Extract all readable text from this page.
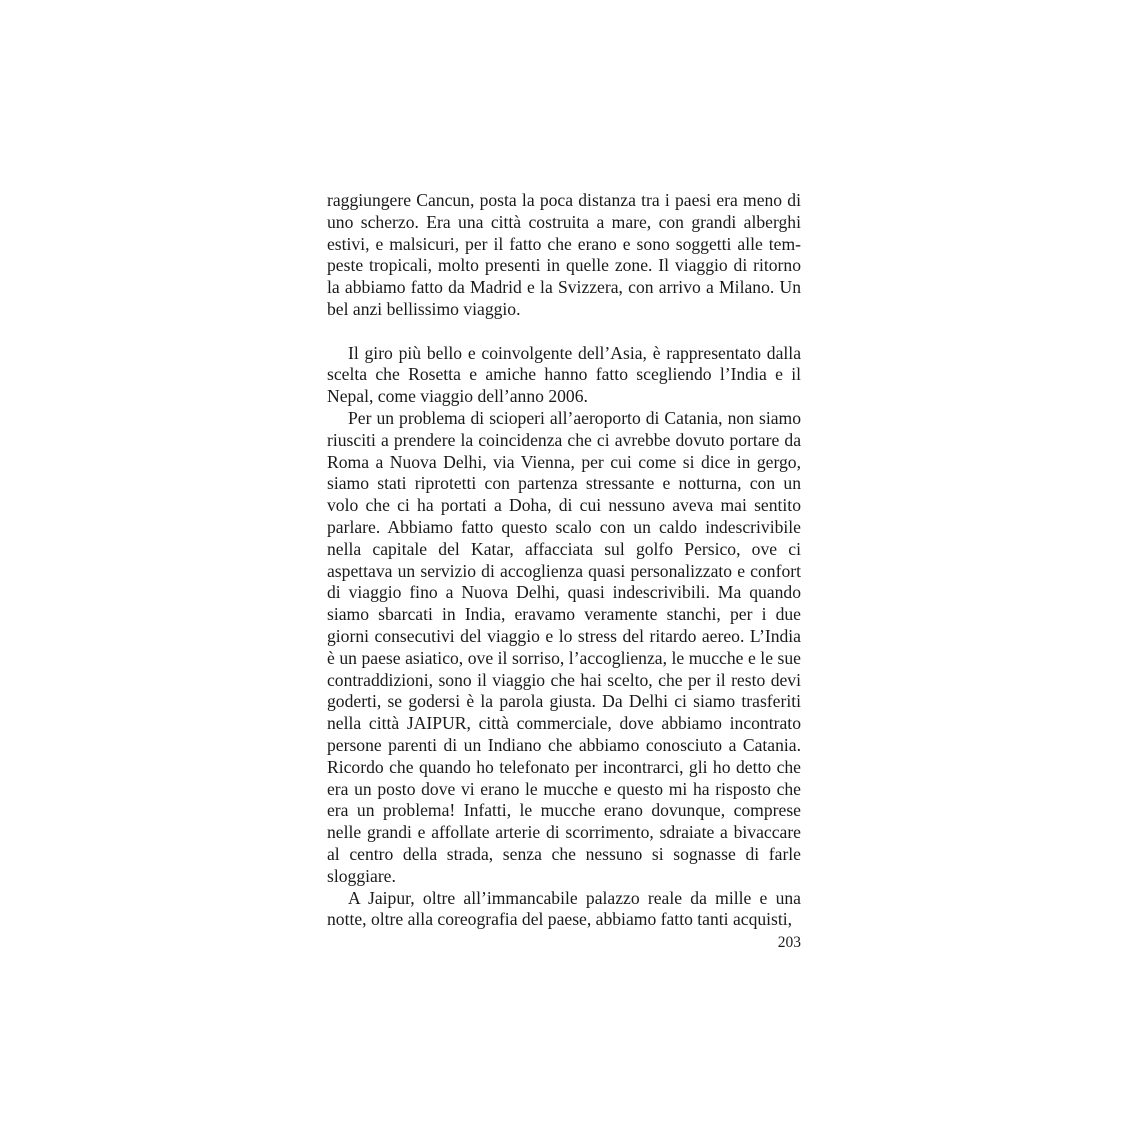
raggiungere Cancun, posta la poca distanza tra i paesi era meno di uno scherzo. Era una città costruita a mare, con grandi alberghi estivi, e malsicuri, per il fatto che erano e sono soggetti alle tempeste tropicali, molto presenti in quelle zone. Il viaggio di ritorno la abbiamo fatto da Madrid e la Svizzera, con arrivo a Milano. Un bel anzi bellissimo viaggio.

Il giro più bello e coinvolgente dell’Asia, è rappresentato dalla scelta che Rosetta e amiche hanno fatto scegliendo l’India e il Nepal, come viaggio dell’anno 2006.

Per un problema di scioperi all’aeroporto di Catania, non siamo riusciti a prendere la coincidenza che ci avrebbe dovuto portare da Roma a Nuova Delhi, via Vienna, per cui come si dice in gergo, siamo stati riprotetti con partenza stressante e notturna, con un volo che ci ha portati a Doha, di cui nessuno aveva mai sentito parlare. Abbiamo fatto questo scalo con un caldo indescrivibile nella capitale del Katar, affacciata sul golfo Persico, ove ci aspettava un servizio di accoglienza quasi personalizzato e confort di viaggio fino a Nuova Delhi, quasi indescrivibili. Ma quando siamo sbarcati in India, eravamo veramente stanchi, per i due giorni consecutivi del viaggio e lo stress del ritardo aereo. L’India è un paese asiatico, ove il sorriso, l’accoglienza, le mucche e le sue contraddizioni, sono il viaggio che hai scelto, che per il resto devi goderti, se godersi è la parola giusta. Da Delhi ci siamo trasferiti nella città JAIPUR, città commerciale, dove abbiamo incontrato persone parenti di un Indiano che abbiamo conosciuto a Catania. Ricordo che quando ho telefonato per incontrarci, gli ho detto che era un posto dove vi erano le mucche e questo mi ha risposto che era un problema! Infatti, le mucche erano dovunque, comprese nelle grandi e affollate arterie di scorrimento, sdraiate a bivaccare al centro della strada, senza che nessuno si sognasse di farle sloggiare.

A Jaipur, oltre all’immancabile palazzo reale da mille e una notte, oltre alla coreografia del paese, abbiamo fatto tanti acquisti,

203
